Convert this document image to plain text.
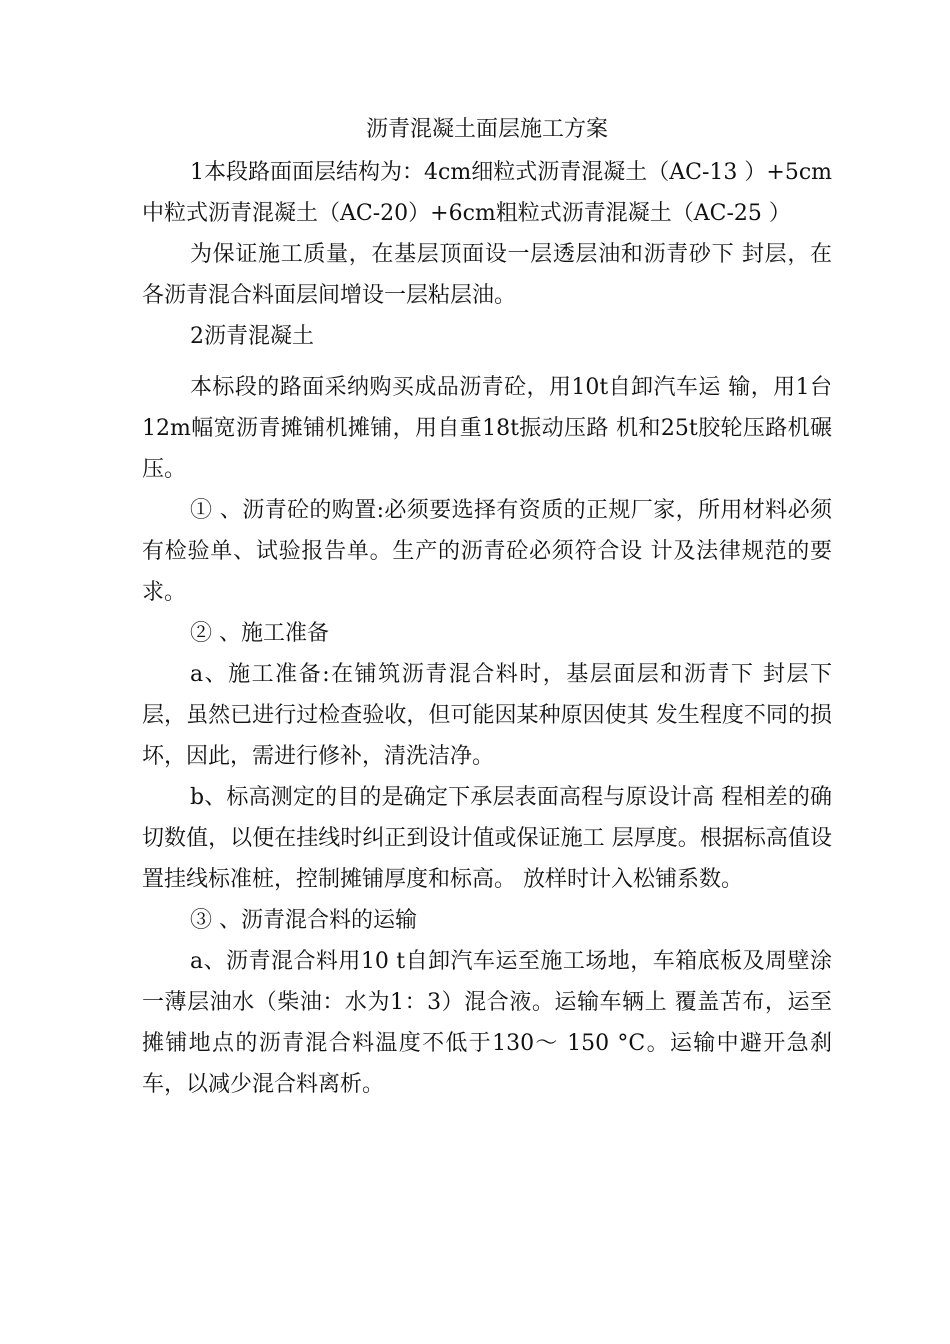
沥青混凝土面层施工方案

1本段路面面层结构为：4cm细粒式沥青混凝土（AC-13 ）+5cm 中粒式沥青混凝土（AC-20）+6cm粗粒式沥青混凝土（AC-25 ）

为保证施工质量，在基层顶面设一层透层油和沥青砂下 封层，在各沥青混合料面层间增设一层粘层油。

2沥青混凝土

本标段的路面采纳购买成品沥青砼，用10t自卸汽车运 输，用1台12m幅宽沥青摊铺机摊铺，用自重18t振动压路 机和25t胶轮压路机碾压。

① 、沥青砼的购置:必须要选择有资质的正规厂家，所用材料必须有检验单、试验报告单。生产的沥青砼必须符合设 计及法律规范的要求。

② 、施工准备

a、施工准备:在铺筑沥青混合料时，基层面层和沥青下 封层下层，虽然已进行过检查验收，但可能因某种原因使其 发生程度不同的损坏，因此，需进行修补，清洗洁净。

b、标高测定的目的是确定下承层表面高程与原设计高 程相差的确切数值，以便在挂线时纠正到设计值或保证施工 层厚度。根据标高值设置挂线标准桩，控制摊铺厚度和标高。 放样时计入松铺系数。

③ 、沥青混合料的运输

a、沥青混合料用10 t自卸汽车运至施工场地，车箱底板及周壁涂一薄层油水（柴油：水为1：3）混合液。运输车辆上 覆盖苫布，运至摊铺地点的沥青混合料温度不低于130〜 150 °C。运输中避开急刹车，以减少混合料离析。
